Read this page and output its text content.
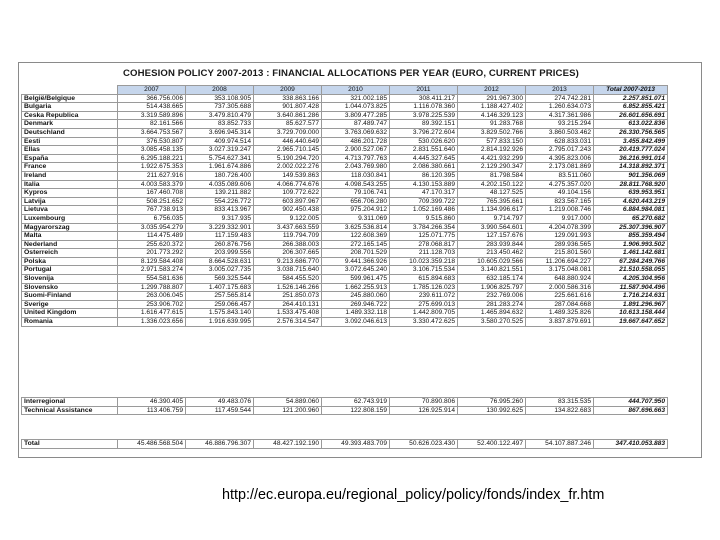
COHESION POLICY 2007-2013 : FINANCIAL ALLOCATIONS PER YEAR (EURO, CURRENT PRICES)
	2007	2008	2009	2010	2011	2012	2013	Total 2007-2013
België/Belgique	366.756.006	353.108.905	338.863.166	321.002.185	308.411.217	291.967.300	274.742.281	2.257.851.071
Bulgaria	514.438.665	737.305.688	901.807.428	1.044.073.825	1.116.078.360	1.188.427.402	1.260.634.073	6.852.855.421
Ceska Republica	3.319.589.896	3.479.810.479	3.640.861.286	3.809.477.285	3.978.225.539	4.146.329.123	4.317.361.986	26.601.656.691
Denmark	82.161.566	83.852.733	85.627.577	87.489.747	89.392.151	91.283.768	93.215.294	613.022.836
Deutschland	3.664.753.567	3.696.945.314	3.729.709.000	3.763.069.632	3.796.272.604	3.829.502.766	3.860.503.462	26.330.756.565
Eesti	376.530.807	409.974.514	446.440.649	486.201.728	530.026.620	577.833.150	628.833.031	3.455.842.499
Ellas	3.085.458.135	3.027.319.247	2.965.710.145	2.900.527.067	2.831.551.640	2.814.192.926	2.795.017.243	20.419.777.024
España	6.295.188.221	5.754.627.341	5.190.294.720	4.713.797.763	4.445.327.645	4.421.932.299	4.395.823.006	36.216.991.014
France	1.922.675.353	1.961.674.886	2.002.022.276	2.043.769.980	2.086.380.661	2.129.290.347	2.173.081.869	14.318.892.371
Ireland	211.627.916	180.726.400	149.539.863	118.030.841	86.120.395	81.798.584	83.511.060	901.356.069
Italia	4.003.583.379	4.035.089.606	4.066.774.676	4.098.543.255	4.130.153.889	4.202.150.122	4.275.357.020	28.811.768.920
Kypros	167.460.708	139.211.882	109.772.622	79.106.741	47.170.317	48.127.525	49.104.156	639.953.951
Latvija	508.251.652	554.226.772	603.897.967	656.706.280	709.399.722	765.395.661	823.567.165	4.620.443.219
Lietuva	767.738.913	833.413.967	902.450.438	975.204.912	1.052.169.486	1.134.996.617	1.219.008.746	6.884.984.081
Luxembourg	6.756.035	9.317.935	9.122.005	9.311.069	9.515.860	9.714.797	9.917.000	65.270.682
Magyarorszag	3.035.954.279	3.229.332.901	3.437.663.559	3.625.536.814	3.784.266.354	3.990.564.601	4.204.078.399	25.307.396.907
Malta	114.475.489	117.159.483	119.794.709	122.608.369	125.071.775	127.157.676	129.091.993	855.359.494
Nederland	255.620.372	260.876.756	266.388.003	272.165.145	278.068.817	283.939.844	289.936.565	1.906.993.502
Österreich	201.773.292	203.999.556	206.307.665	208.701.529	211.128.703	213.450.462	215.801.560	1.461.142.681
Polska	8.129.584.408	8.664.528.631	9.213.686.770	9.441.366.926	10.023.359.218	10.605.029.566	11.206.694.227	67.284.249.766
Portugal	2.971.583.274	3.005.027.735	3.038.715.640	3.072.645.240	3.106.715.534	3.140.821.551	3.175.048.081	21.510.558.055
Slovenija	554.581.636	569.325.544	584.455.520	599.961.475	615.894.683	632.185.174	648.880.924	4.205.304.956
Slovensko	1.299.788.807	1.407.175.683	1.526.146.266	1.662.255.913	1.785.126.023	1.906.825.797	2.000.586.316	11.587.904.496
Suomi-Finland	263.006.045	257.565.814	251.850.073	245.880.060	239.611.072	232.769.006	225.661.616	1.716.214.631
Sverige	253.906.702	259.066.457	264.410.131	269.946.722	275.699.013	281.283.274	287.084.668	1.891.296.967
United Kingdom	1.616.477.615	1.575.843.140	1.533.475.408	1.489.332.118	1.442.809.705	1.465.894.632	1.489.325.826	10.613.158.444
Romania	1.336.023.656	1.916.639.995	2.576.314.547	3.092.046.613	3.330.472.625	3.580.270.525	3.837.879.691	19.667.647.652
Interregional	46.390.405	49.483.076	54.889.060	62.743.919	70.890.806	76.995.260	83.315.535	444.707.950
Technical Assistance	113.406.759	117.459.544	121.200.960	122.808.159	126.925.914	130.992.625	134.822.683	867.696.663
Total	45.486.568.504	46.886.796.307	48.427.192.190	49.393.483.709	50.626.023.430	52.400.122.497	54.107.887.246	347.410.053.883
http://ec.europa.eu/regional_policy/policy/fonds/index_fr.htm
